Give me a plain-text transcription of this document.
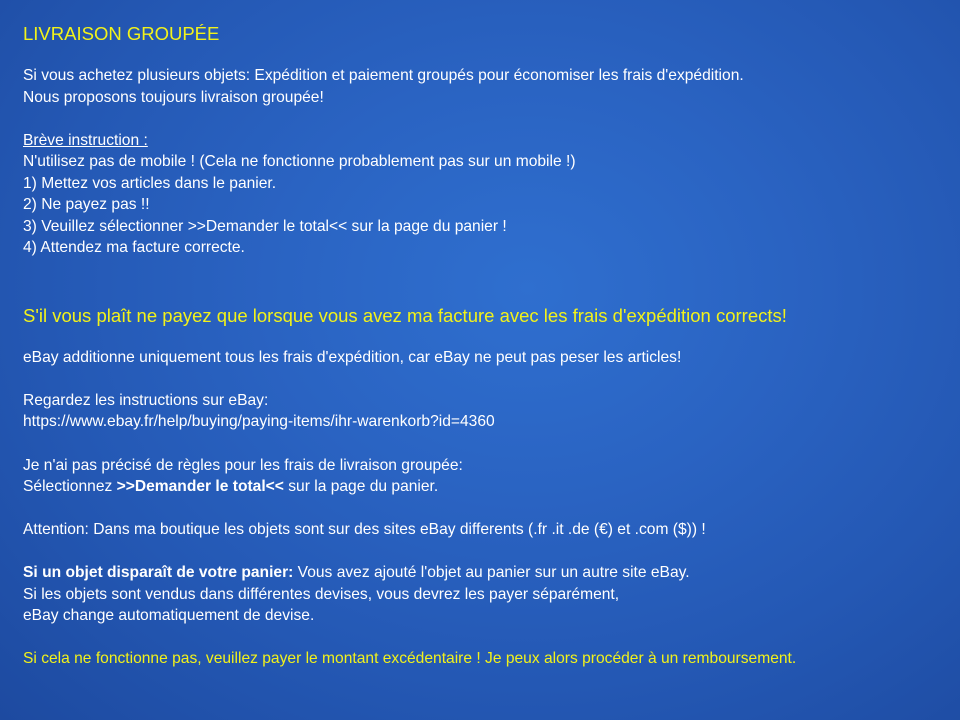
LIVRAISON GROUPÉE
Si vous achetez plusieurs objets: Expédition et paiement groupés pour économiser les frais d'expédition.
Nous proposons toujours livraison groupée!
Brève instruction :
N'utilisez pas de mobile ! (Cela ne fonctionne probablement pas sur un mobile !)
1) Mettez vos articles dans le panier.
2) Ne payez pas !!
3) Veuillez sélectionner >>Demander le total<< sur la page du panier !
4) Attendez ma facture correcte.
S'il vous plaît ne payez que lorsque vous avez ma facture avec les frais d'expédition corrects!
eBay additionne uniquement tous les frais d'expédition, car eBay ne peut pas peser les articles!
Regardez les instructions sur eBay:
https://www.ebay.fr/help/buying/paying-items/ihr-warenkorb?id=4360
Je n'ai pas précisé de règles pour les frais de livraison groupée:
Sélectionnez >>Demander le total<< sur la page du panier.
Attention: Dans ma boutique les objets sont sur des sites eBay differents (.fr .it .de (€) et .com ($)) !
Si un objet disparaît de votre panier: Vous avez ajouté l'objet au panier sur un autre site eBay.
Si les objets sont vendus dans différentes devises, vous devrez les payer séparément,
eBay change automatiquement de devise.
Si cela ne fonctionne pas, veuillez payer le montant excédentaire ! Je peux alors procéder à un remboursement.
